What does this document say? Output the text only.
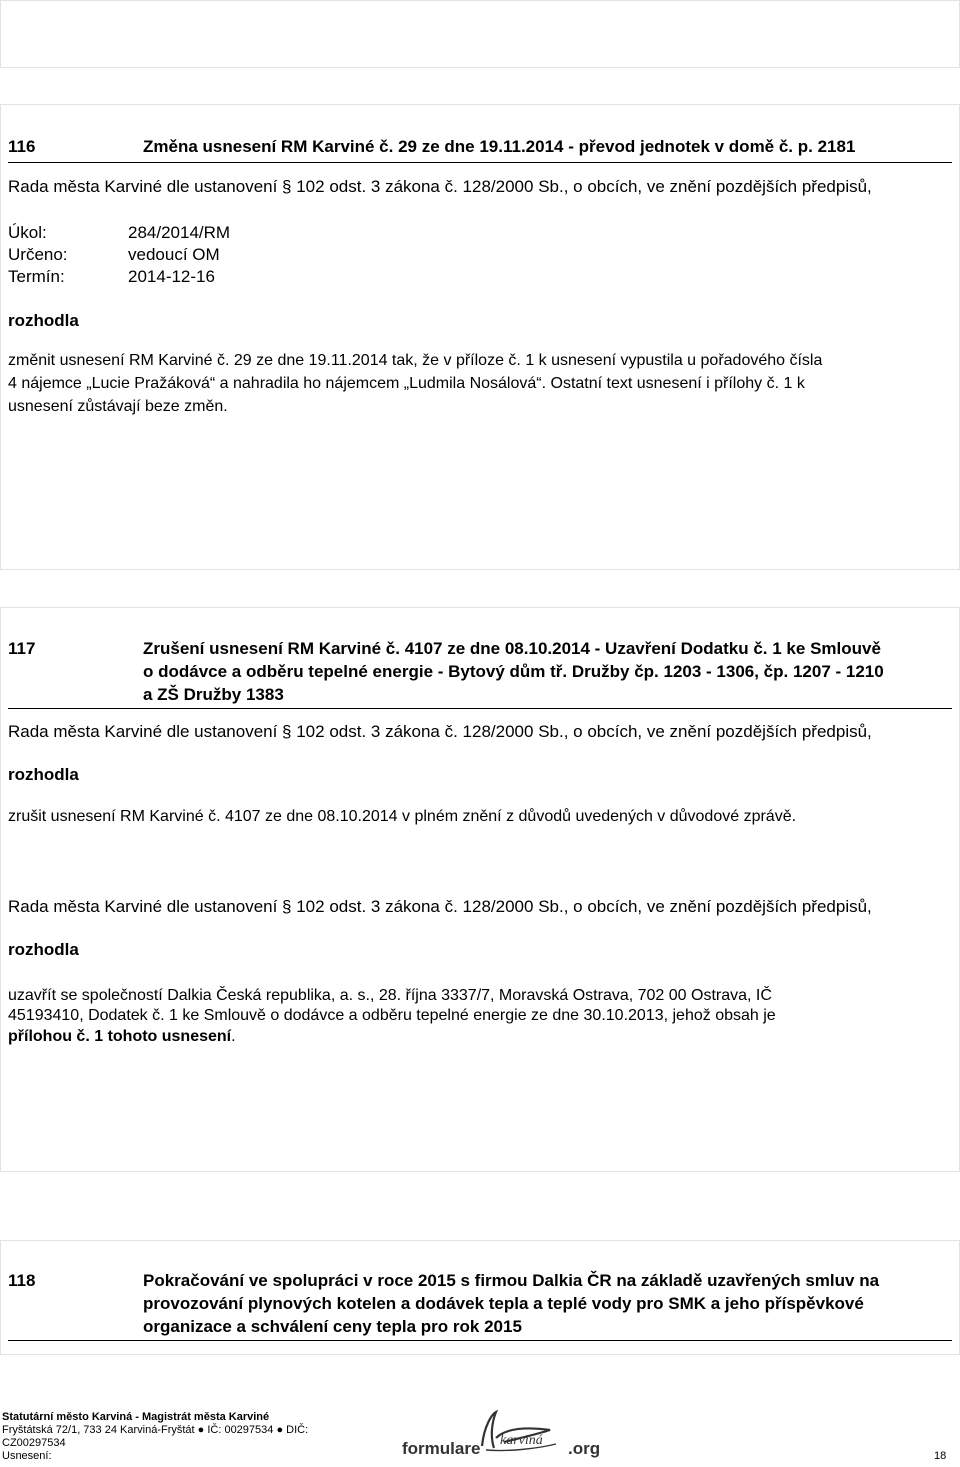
116	Změna usnesení RM Karviné č. 29 ze dne 19.11.2014 - převod jednotek v domě č. p. 2181
Rada města Karviné dle ustanovení § 102 odst. 3 zákona č. 128/2000 Sb., o obcích, ve znění pozdějších předpisů,
Úkol:	284/2014/RM
Určeno:	vedoucí OM
Termín:	2014-12-16
rozhodla
změnit usnesení RM Karviné č. 29 ze dne 19.11.2014 tak, že v příloze č. 1 k usnesení vypustila u pořadového čísla
4 nájemce „Lucie Pražáková“ a nahradila ho nájemcem „Ludmila Nosálová“. Ostatní text usnesení i přílohy č. 1 k
usnesení zůstávají beze změn.
117	Zrušení usnesení RM Karviné č. 4107 ze dne 08.10.2014 - Uzavření Dodatku č. 1 ke Smlouvě
o dodávce a odběru tepelné energie - Bytový dům tř. Družby čp. 1203 - 1306, čp. 1207 - 1210
a ZŠ Družby 1383
Rada města Karviné dle ustanovení § 102 odst. 3 zákona č. 128/2000 Sb., o obcích, ve znění pozdějších předpisů,
rozhodla
zrušit usnesení RM Karviné č. 4107 ze dne 08.10.2014 v plném znění z důvodů uvedených v důvodové zprávě.
Rada města Karviné dle ustanovení § 102 odst. 3 zákona č. 128/2000 Sb., o obcích, ve znění pozdějších předpisů,
rozhodla
uzavřít se společností Dalkia Česká republika, a. s., 28. října 3337/7, Moravská Ostrava, 702 00 Ostrava, IČ
45193410, Dodatek č. 1 ke Smlouvě o dodávce a odběru tepelné energie ze dne 30.10.2013, jehož obsah je
přílohou č. 1 tohoto usnesení.
118	Pokračování ve spolupráci v roce 2015 s firmou Dalkia ČR na základě uzavřených smluv na
provozování plynových kotelen a dodávek tepla a teplé vody pro SMK a jeho příspěvkové
organizace a schválení ceny tepla pro rok 2015
Statutární město Karviná - Magistrát města Karviné
Fryštátská 72/1, 733 24 Karviná-Fryštát ● IČ: 00297534 ● DIČ:
CZ00297534
Usnesení:	formulare karviná .org	18
